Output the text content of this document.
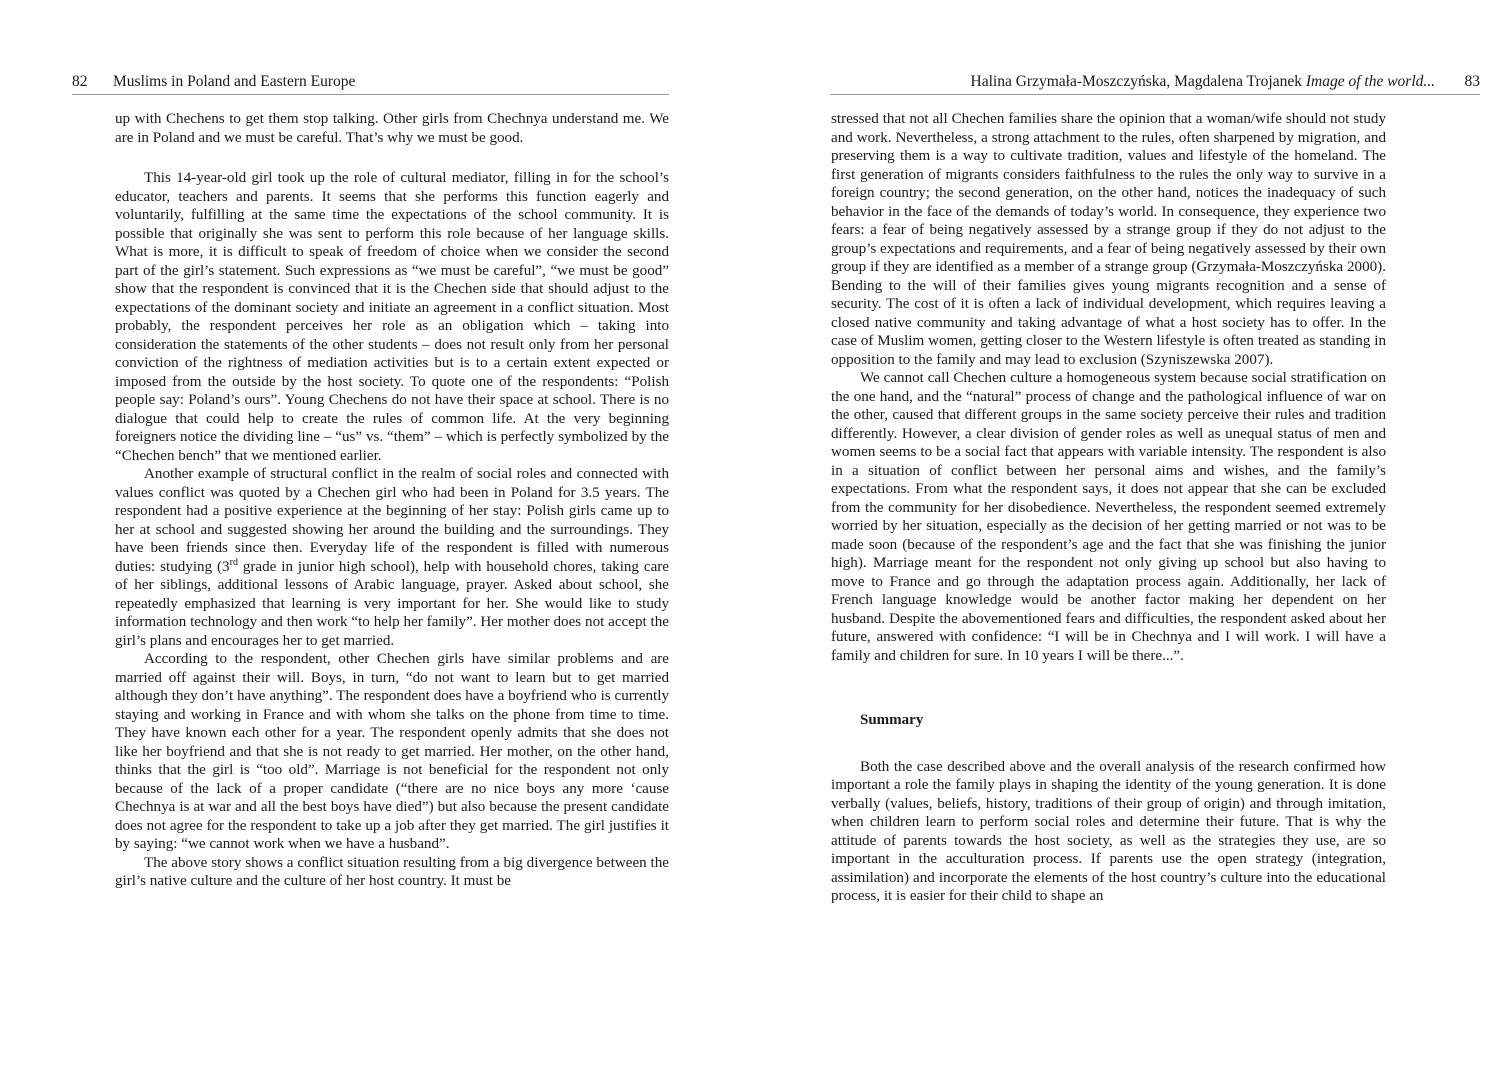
82 Muslims in Poland and Eastern Europe

up with Chechens to get them stop talking. Other girls from Chechnya understand me. We are in Poland and we must be careful. That’s why we must be good.

This 14-year-old girl took up the role of cultural mediator, filling in for the school’s educator, teachers and parents. It seems that she performs this function eagerly and voluntarily, fulfilling at the same time the expectations of the school community. It is possible that originally she was sent to perform this role because of her language skills. What is more, it is difficult to speak of freedom of choice when we consider the second part of the girl’s statement. Such expressions as “we must be careful”, “we must be good” show that the respondent is convinced that it is the Chechen side that should adjust to the expectations of the dominant society and initiate an agreement in a conflict situation. Most probably, the respondent perceives her role as an obligation which – taking into consideration the statements of the other students – does not result only from her personal conviction of the rightness of mediation activities but is to a certain extent expected or imposed from the outside by the host society. To quote one of the respondents: “Polish people say: Poland’s ours”. Young Chechens do not have their space at school. There is no dialogue that could help to create the rules of common life. At the very beginning foreigners notice the dividing line – “us” vs. “them” – which is perfectly symbolized by the “Chechen bench” that we mentioned earlier.

Another example of structural conflict in the realm of social roles and connected with values conflict was quoted by a Chechen girl who had been in Poland for 3.5 years. The respondent had a positive experience at the beginning of her stay: Polish girls came up to her at school and suggested showing her around the building and the surroundings. They have been friends since then. Everyday life of the respondent is filled with numerous duties: studying (3rd grade in junior high school), help with household chores, taking care of her siblings, additional lessons of Arabic language, prayer. Asked about school, she repeatedly emphasized that learning is very important for her. She would like to study information technology and then work “to help her family”. Her mother does not accept the girl’s plans and encourages her to get married.

According to the respondent, other Chechen girls have similar problems and are married off against their will. Boys, in turn, “do not want to learn but to get married although they don’t have anything”. The respondent does have a boyfriend who is currently staying and working in France and with whom she talks on the phone from time to time. They have known each other for a year. The respondent openly admits that she does not like her boyfriend and that she is not ready to get married. Her mother, on the other hand, thinks that the girl is “too old”. Marriage is not beneficial for the respondent not only because of the lack of a proper candidate (“there are no nice boys any more ‘cause Chechnya is at war and all the best boys have died”) but also because the present candidate does not agree for the respondent to take up a job after they get married. The girl justifies it by saying: “we cannot work when we have a husband”.

The above story shows a conflict situation resulting from a big divergence between the girl’s native culture and the culture of her host country. It must be

Halina Grzymała-Moszczyńska, Magdalena Trojanek Image of the world... 83

stressed that not all Chechen families share the opinion that a woman/wife should not study and work. Nevertheless, a strong attachment to the rules, often sharpened by migration, and preserving them is a way to cultivate tradition, values and lifestyle of the homeland. The first generation of migrants considers faithfulness to the rules the only way to survive in a foreign country; the second generation, on the other hand, notices the inadequacy of such behavior in the face of the demands of today’s world. In consequence, they experience two fears: a fear of being negatively assessed by a strange group if they do not adjust to the group’s expectations and requirements, and a fear of being negatively assessed by their own group if they are identified as a member of a strange group (Grzymała-Moszczyńska 2000). Bending to the will of their families gives young migrants recognition and a sense of security. The cost of it is often a lack of individual development, which requires leaving a closed native community and taking advantage of what a host society has to offer. In the case of Muslim women, getting closer to the Western lifestyle is often treated as standing in opposition to the family and may lead to exclusion (Szyniszewska 2007).

We cannot call Chechen culture a homogeneous system because social stratification on the one hand, and the “natural” process of change and the pathological influence of war on the other, caused that different groups in the same society perceive their rules and tradition differently. However, a clear division of gender roles as well as unequal status of men and women seems to be a social fact that appears with variable intensity. The respondent is also in a situation of conflict between her personal aims and wishes, and the family’s expectations. From what the respondent says, it does not appear that she can be excluded from the community for her disobedience. Nevertheless, the respondent seemed extremely worried by her situation, especially as the decision of her getting married or not was to be made soon (because of the respondent’s age and the fact that she was finishing the junior high). Marriage meant for the respondent not only giving up school but also having to move to France and go through the adaptation process again. Additionally, her lack of French language knowledge would be another factor making her dependent on her husband. Despite the abovementioned fears and difficulties, the respondent asked about her future, answered with confidence: “I will be in Chechnya and I will work. I will have a family and children for sure. In 10 years I will be there...”.

Summary

Both the case described above and the overall analysis of the research confirmed how important a role the family plays in shaping the identity of the young generation. It is done verbally (values, beliefs, history, traditions of their group of origin) and through imitation, when children learn to perform social roles and determine their future. That is why the attitude of parents towards the host society, as well as the strategies they use, are so important in the acculturation process. If parents use the open strategy (integration, assimilation) and incorporate the elements of the host country’s culture into the educational process, it is easier for their child to shape an
